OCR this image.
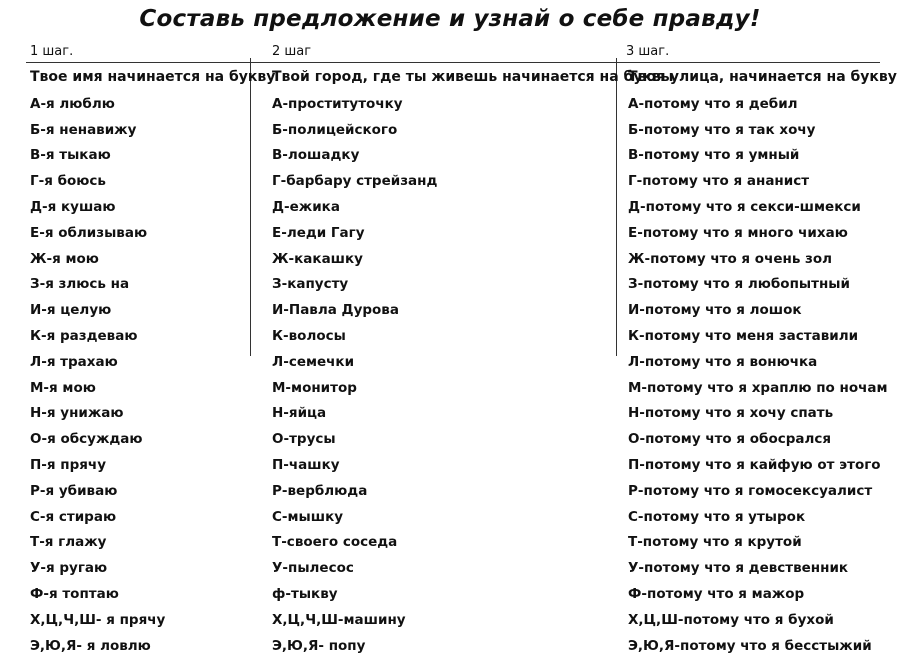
Составь предложение и узнай о себе правду!
1 шаг.	2 шаг	3 шаг.
Твое имя начинается на букву
А-я люблю
Б-я ненавижу
В-я тыкаю
Г-я боюсь
Д-я кушаю
Е-я облизываю
Ж-я мою
З-я злюсь на
И-я целую
К-я раздеваю
Л-я трахаю
М-я мою
Н-я унижаю
О-я обсуждаю
П-я прячу
Р-я убиваю
С-я стираю
Т-я глажу
У-я ругаю
Ф-я топтаю
Х,Ц,Ч,Ш- я прячу
Э,Ю,Я- я ловлю
Твой город, где ты живешь начинается на буквы
А-проституточку
Б-полицейского
В-лошадку
Г-барбару стрейзанд
Д-ежика
Е-леди Гагу
Ж-какашку
З-капусту
И-Павла Дурова
К-волосы
Л-семечки
М-монитор
Н-яйца
О-трусы
П-чашку
Р-верблюда
С-мышку
Т-своего соседа
У-пылесос
ф-тыкву
Х,Ц,Ч,Ш-машину
Э,Ю,Я- попу
Твоя улица, начинается на букву
А-потому что я дебил
Б-потому что я так хочу
В-потому что я умный
Г-потому что я ананист
Д-потому что я секси-шмекси
Е-потому что я много чихаю
Ж-потому что я очень зол
З-потому что я любопытный
И-потому что я лошок
К-потому что меня заставили
Л-потому что я вонючка
М-потому что я храплю по ночам
Н-потому что я хочу спать
О-потому что я обосрался
П-потому что я кайфую от этого
Р-потому что я гомосексуалист
С-потому что я утырок
Т-потому что я крутой
У-потому что я девственник
Ф-потому что я мажор
Х,Ц,Ш-потому что я бухой
Э,Ю,Я-потому что я бесстыжий
